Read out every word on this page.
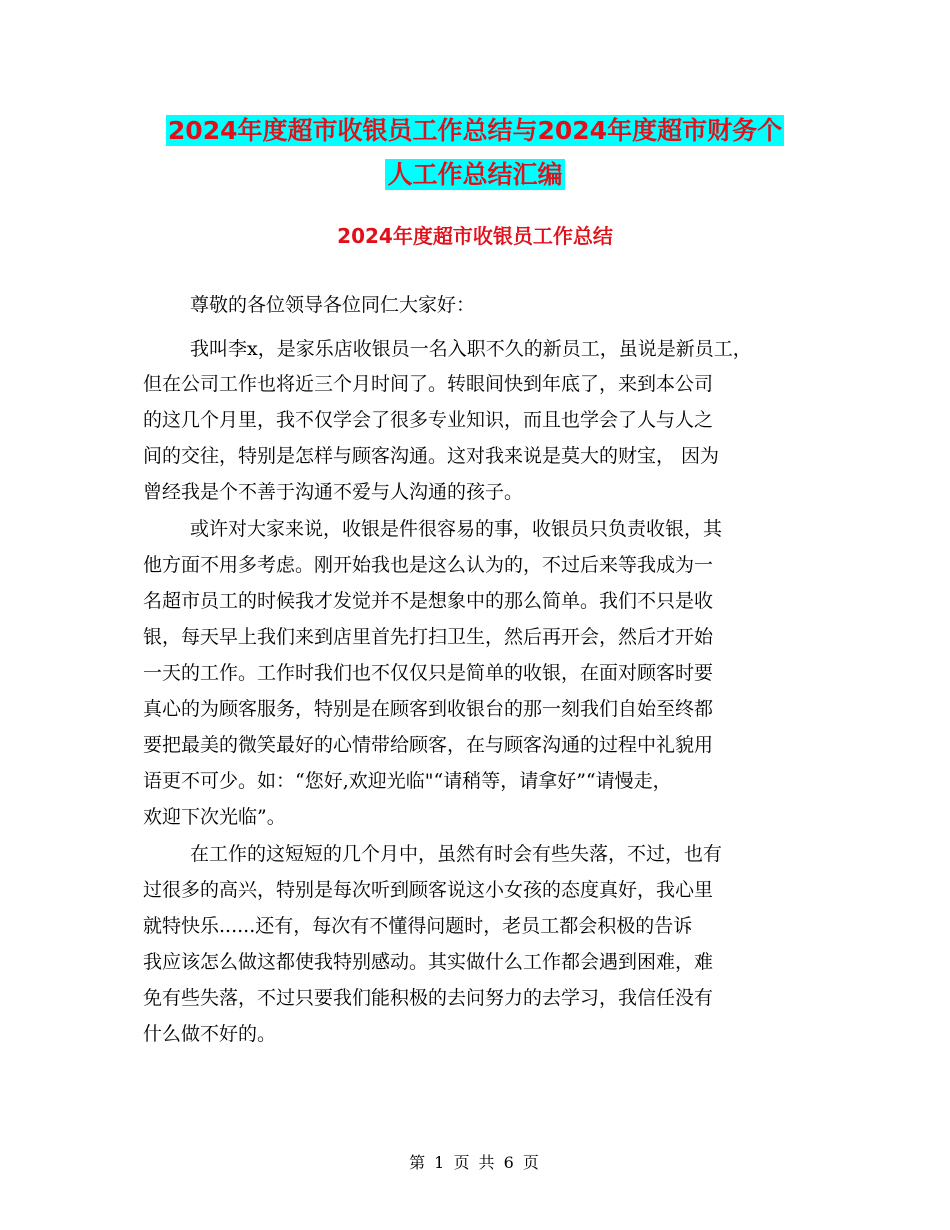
2024年度超市收银员工作总结与2024年度超市财务个
人工作总结汇编
2024年度超市收银员工作总结
尊敬的各位领导各位同仁大家好：
我叫李x，是家乐店收银员一名入职不久的新员工，虽说是新员工，
但在公司工作也将近三个月时间了。转眼间快到年底了，来到本公司
的这几个月里，我不仅学会了很多专业知识，而且也学会了人与人之
间的交往，特别是怎样与顾客沟通。这对我来说是莫大的财宝， 因为
曾经我是个不善于沟通不爱与人沟通的孩子。
或许对大家来说，收银是件很容易的事，收银员只负责收银，其
他方面不用多考虑。刚开始我也是这么认为的，不过后来等我成为一
名超市员工的时候我才发觉并不是想象中的那么简单。我们不只是收
银，每天早上我们来到店里首先打扫卫生，然后再开会，然后才开始
一天的工作。工作时我们也不仅仅只是简单的收银，在面对顾客时要
真心的为顾客服务，特别是在顾客到收银台的那一刻我们自始至终都
要把最美的微笑最好的心情带给顾客，在与顾客沟通的过程中礼貌用
语更不可少。如：“您好,欢迎光临"“请稍等，请拿好”“请慢走，
欢迎下次光临”。
在工作的这短短的几个月中，虽然有时会有些失落，不过，也有
过很多的高兴，特别是每次听到顾客说这小女孩的态度真好，我心里
就特快乐......还有，每次有不懂得问题时，老员工都会积极的告诉
我应该怎么做这都使我特别感动。其实做什么工作都会遇到困难，难
免有些失落，不过只要我们能积极的去问努力的去学习，我信任没有
什么做不好的。
第 1 页 共 6 页
